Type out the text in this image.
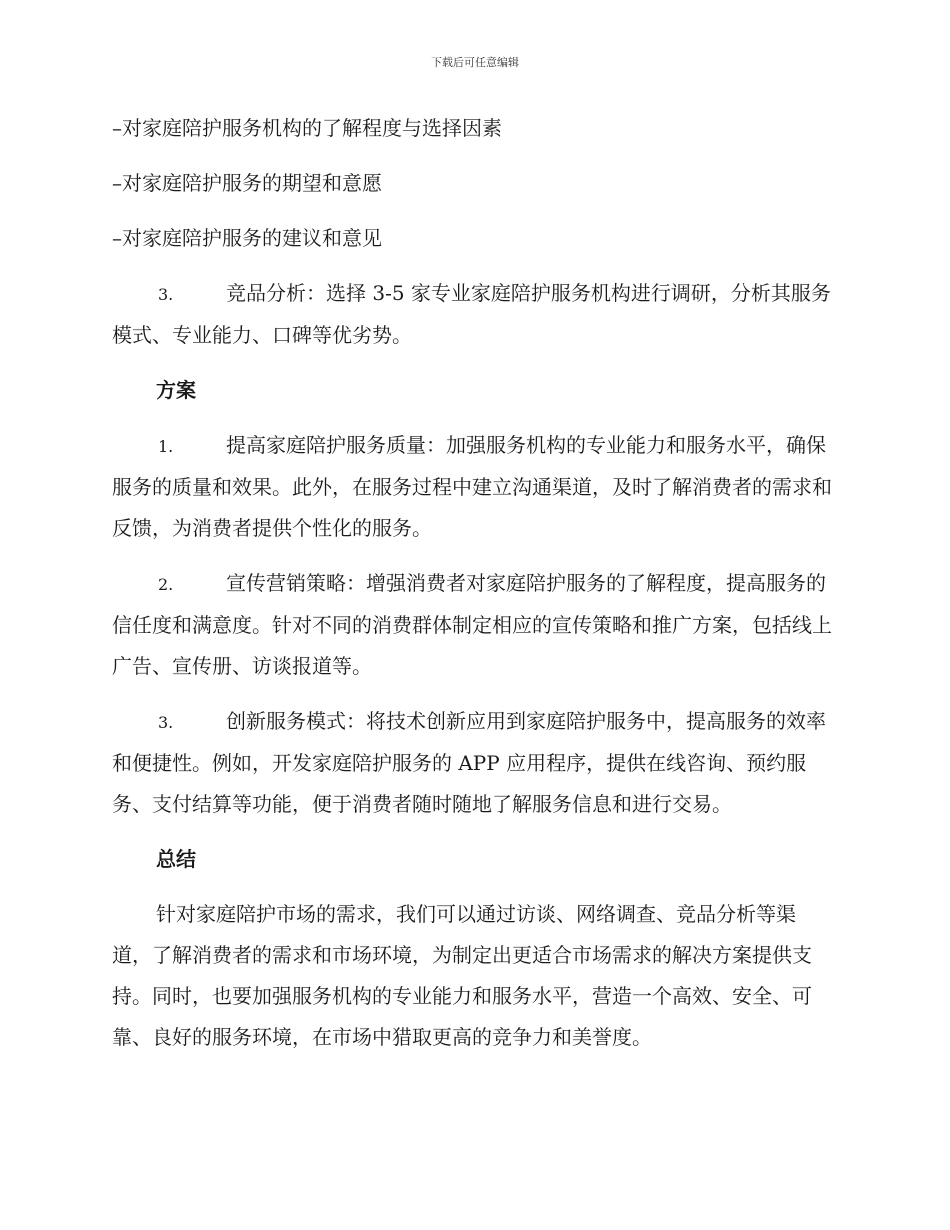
下载后可任意编辑

–对家庭陪护服务机构的了解程度与选择因素

–对家庭陪护服务的期望和意愿

–对家庭陪护服务的建议和意见

3.	竞品分析：选择 3-5 家专业家庭陪护服务机构进行调研，分析其服务模式、专业能力、口碑等优劣势。

方案

1.	提高家庭陪护服务质量：加强服务机构的专业能力和服务水平，确保服务的质量和效果。此外，在服务过程中建立沟通渠道，及时了解消费者的需求和反馈，为消费者提供个性化的服务。

2.	宣传营销策略：增强消费者对家庭陪护服务的了解程度，提高服务的信任度和满意度。针对不同的消费群体制定相应的宣传策略和推广方案，包括线上广告、宣传册、访谈报道等。

3.	创新服务模式：将技术创新应用到家庭陪护服务中，提高服务的效率和便捷性。例如，开发家庭陪护服务的 APP 应用程序，提供在线咨询、预约服务、支付结算等功能，便于消费者随时随地了解服务信息和进行交易。

总结

针对家庭陪护市场的需求，我们可以通过访谈、网络调查、竞品分析等渠道，了解消费者的需求和市场环境，为制定出更适合市场需求的解决方案提供支持。同时，也要加强服务机构的专业能力和服务水平，营造一个高效、安全、可靠、良好的服务环境，在市场中猎取更高的竞争力和美誉度。
